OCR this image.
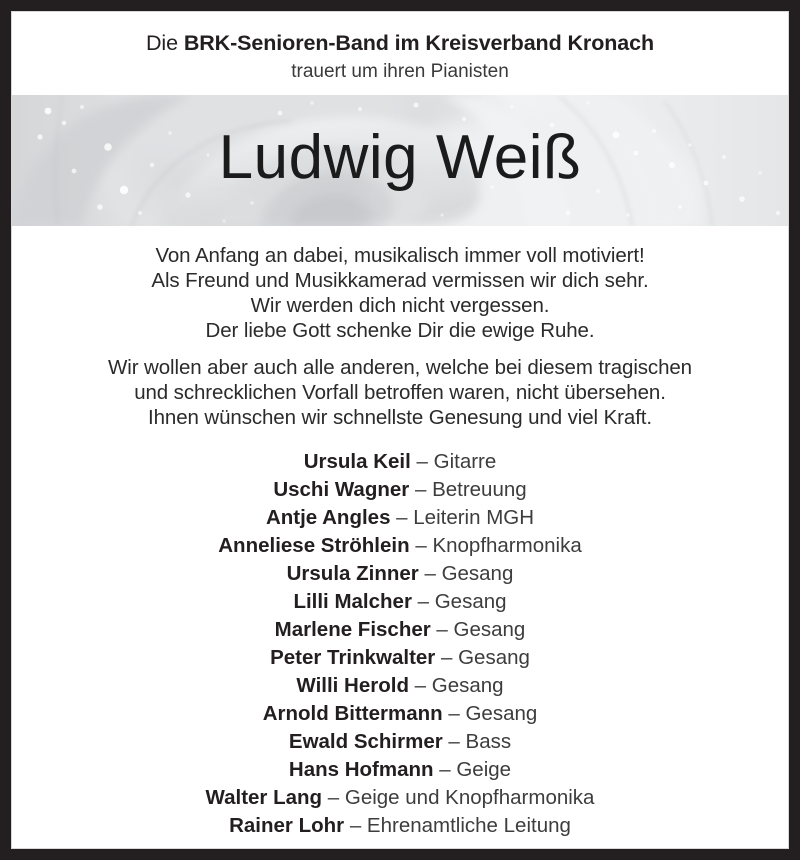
Die BRK-Senioren-Band im Kreisverband Kronach
trauert um ihren Pianisten
Ludwig Weiß
Von Anfang an dabei, musikalisch immer voll motiviert!
Als Freund und Musikkamerad vermissen wir dich sehr.
Wir werden dich nicht vergessen.
Der liebe Gott schenke Dir die ewige Ruhe.
Wir wollen aber auch alle anderen, welche bei diesem tragischen
und schrecklichen Vorfall betroffen waren, nicht übersehen.
Ihnen wünschen wir schnellste Genesung und viel Kraft.
Ursula Keil – Gitarre
Uschi Wagner – Betreuung
Antje Angles – Leiterin MGH
Anneliese Ströhlein – Knopfharmonika
Ursula Zinner – Gesang
Lilli Malcher – Gesang
Marlene Fischer – Gesang
Peter Trinkwalter – Gesang
Willi Herold – Gesang
Arnold Bittermann – Gesang
Ewald Schirmer – Bass
Hans Hofmann – Geige
Walter Lang – Geige und Knopfharmonika
Rainer Lohr – Ehrenamtliche Leitung
